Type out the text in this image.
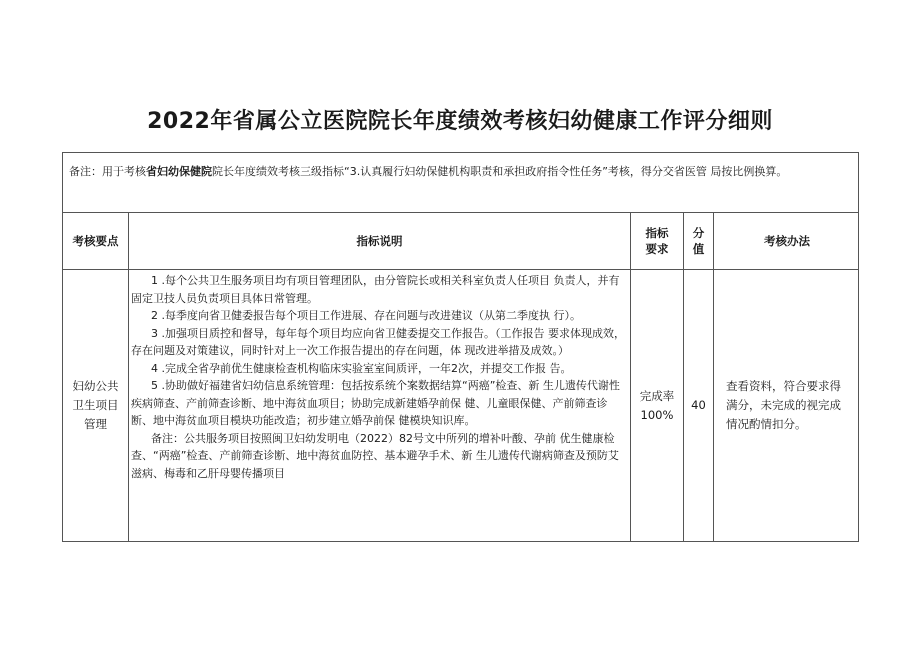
2022年省属公立医院院长年度绩效考核妇幼健康工作评分细则
备注：用于考核省妇幼保健院院长年度绩效考核三级指标“3.认真履行妇幼保健机构职责和承担政府指令性任务”考核，得分交省医管 局按比例换算。
考核要点	指标说明
指标要求
分值
考核办法
妇幼公共卫生项目管理

1 .每个公共卫生服务项目均有项目管理团队，由分管院长或相关科室负责人任项目 负责人，并有固定卫技人员负责项目具体日常管理。

2 .每季度向省卫健委报告每个项目工作进展、存在问题与改进建议（从第二季度执 行）。

3 .加强项目质控和督导，每年每个项目均应向省卫健委提交工作报告。（工作报告 要求体现成效，存在问题及对策建议，同时针对上一次工作报告提出的存在问题，体 现改进举措及成效。）

4 .完成全省孕前优生健康检查机构临床实验室室间质评，一年2次，并提交工作报 告。

5 .协助做好福建省妇幼信息系统管理：包括按系统个案数据结算“两癌”检查、新 生儿遗传代谢性疾病筛查、产前筛查诊断、地中海贫血项目；协助完成新建婚孕前保 健、儿童眼保健、产前筛查诊断、地中海贫血项目模块功能改造；初步建立婚孕前保 健模块知识库。

备注：公共服务项目按照闽卫妇幼发明电（2022）82号文中所列的增补叶酸、孕前 优生健康检查、“两癌”检查、产前筛查诊断、地中海贫血防控、基本避孕手术、新 生儿遗传代谢病筛查及预防艾滋病、梅毒和乙肝母婴传播项目

完成率
100%
40
查看资料，符合要求得满分，未完成的视完成 情况酌情扣分。
